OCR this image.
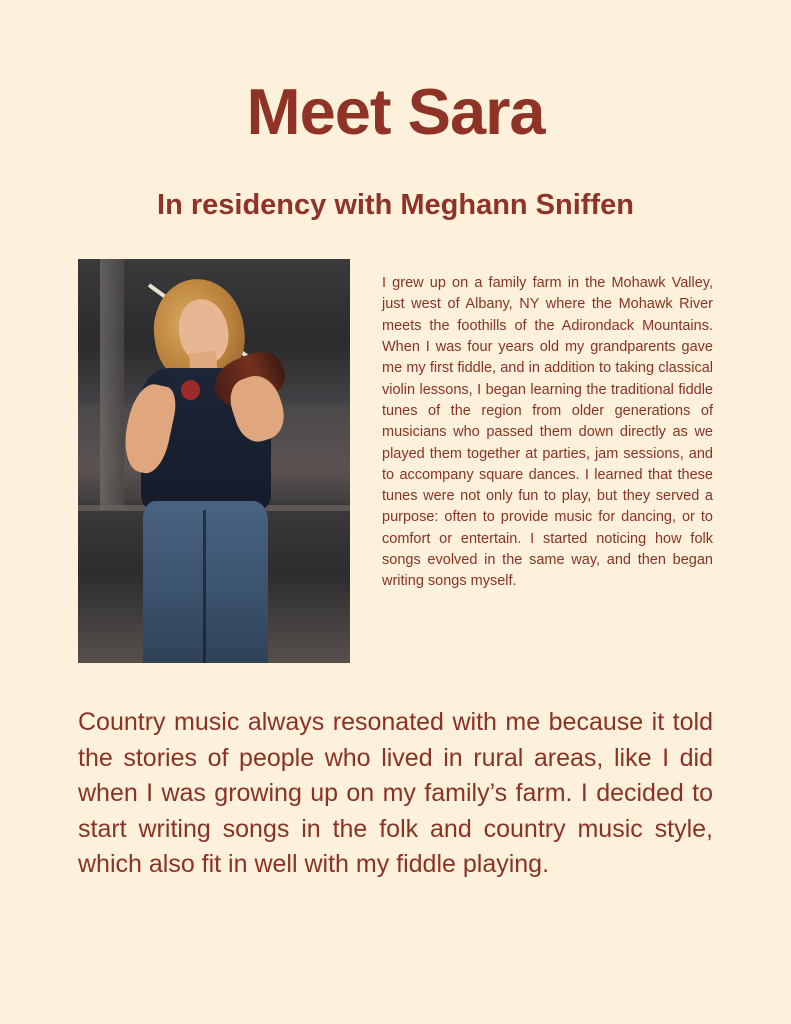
Meet Sara
In residency with Meghann Sniffen

I grew up on a family farm in the Mohawk Valley, just west of Albany, NY where the Mohawk River meets the foothills of the Adirondack Mountains. When I was four years old my grandparents gave me my first fiddle, and in addition to taking classical violin lessons, I began learning the traditional fiddle tunes of the region from older generations of musicians who passed them down directly as we played them together at parties, jam sessions, and to accompany square dances. I learned that these tunes were not only fun to play, but they served a purpose: often to provide music for dancing, or to comfort or entertain. I started noticing how folk songs evolved in the same way, and then began writing songs myself.

Country music always resonated with me because it told the stories of people who lived in rural areas, like I did when I was growing up on my family’s farm. I decided to start writing songs in the folk and country music style, which also fit in well with my fiddle playing.
